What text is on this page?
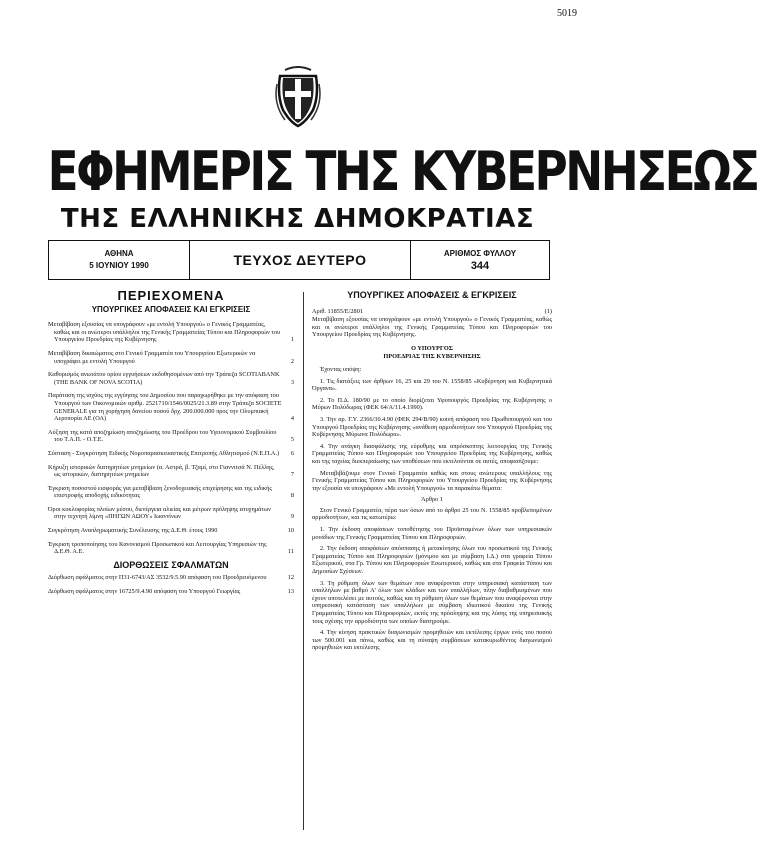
5019
ΕΦΗΜΕΡΙΣ ΤΗΣ ΚΥΒΕΡΝΗΣΕΩΣ
ΤΗΣ ΕΛΛΗΝΙΚΗΣ ΔΗΜΟΚΡΑΤΙΑΣ
ΑΘΗΝΑ
5 ΙΟΥΝΙΟΥ 1990	ΤΕΥΧΟΣ ΔΕΥΤΕΡΟ	ΑΡΙΘΜΟΣ ΦΥΛΛΟΥ
344
ΠΕΡΙΕΧΟΜΕΝΑ
ΥΠΟΥΡΓΙΚΕΣ ΑΠΟΦΑΣΕΙΣ ΚΑΙ ΕΓΚΡΙΣΕΙΣ
Μεταβίβαση εξουσίας να υπογράφουν «με εντολή Υπουργού» ο Γενικός Γραμματέας, καθώς και οι ανώτεροι υπάλληλοι της Γενικής Γραμματείας Τύπου και Πληροφοριών του Υπουργείου Προεδρίας της Κυβέρνησης	1
Μεταβίβαση δικαιώματος στο Γενικό Γραμματέα του Υπουργείου Εξωτερικών να υπογράφει με εντολή Υπουργού	2
Καθορισμός ανωτάτου ορίου εγγυήσεων εκδοθησομένων από την Τράπεζα SCOTIABANK (THE BANK OF NOVA SCOTIA)	3
Παράταση της ισχύος της εγγύησης του Δημοσίου που παραχωρήθηκε με την απόφαση του Υπουργού των Οικονομικών αριθμ. 2521710/1546/0025/21.3.89 στην Τράπεζα SOCIETE GENERALE για τη χορήγηση δανείου ποσού δρχ. 200.000.000 προς την Ολυμπιακή Αεροπορία ΑΕ (ΟΑ)	4
Αύξηση της κατά αποζημίωση αποζημίωσης του Προέδρου του Υγειονομικού Συμβουλίου του Τ.Α.Π. - Ο.Τ.Ε.	5
Σύσταση - Συγκρότηση Ειδικής Νομοπαρασκευαστικής Επιτροπής Αθλητισμού (Ν.Ε.Π.Α.)	6
Κήρυξη ιστορικών διατηρητέων μνημείων (α. Αστρά, β. Τζαμί, στο Γιαννιτσά Ν. Πέλλης, ως ιστορικών, διατηρητέων μνημείων	7
Έγκριση ποσοστού εισφοράς για μεταβίβαση ξενοδοχειακής επιχείρησης και της ειδικής επιστροφής αποδοχής ειδικότητας	8
Όροι κυκλοφορίας πλοίων μέσου, διενέργεια αλιείας και μέτρων πρόληψης ατυχημάτων στην τεχνητή λίμνη «ΠΗΓΩΝ ΑΩΟΥ» Ιωαννίνων	9
Συγκρότηση Αναπληρωματικής Συνέλευσης της Δ.Ε.Θ. έτους 1990	10
Έγκριση τροποποίησης του Κανονισμού Προσωπικού και Λειτουργίας Υπηρεσιών της Δ.Ε.Θ. Α.Ε.	11
ΔΙΟΡΘΩΣΕΙΣ ΣΦΑΛΜΑΤΩΝ
Διόρθωση σφάλματος στην Π31-6743/ΑΣ 3532/9.5.90 απόφαση του Προεδρευόμενου	12
Διόρθωση σφάλματος στην 16725/9.4.90 απόφαση του Υπουργού Γεωργίας	13
ΥΠΟΥΡΓΙΚΕΣ ΑΠΟΦΑΣΕΙΣ & ΕΓΚΡΙΣΕΙΣ
Αριθ. 11855/Ε/2801	(1)

Μεταβίβαση εξουσίας να υπογράφουν «με εντολή Υπουργού» ο Γενικός Γραμματέας, καθώς και οι ανώτεροι υπάλληλοι της Γενικής Γραμματείας Τύπου και Πληροφοριών του Υπουργείου Προεδρίας της Κυβέρνησης.

Ο ΥΠΟΥΡΓΟΣ
ΠΡΟΕΔΡΙΑΣ ΤΗΣ ΚΥΒΕΡΝΗΣΗΣ

Έχοντας υπόψη:

1. Τις διατάξεις των άρθρων 16, 25 και 29 του Ν. 1558/85 «Κυβέρνηση και Κυβερνητικά Όργανα».

2. Το Π.Δ. 180/90 με το οποίο διορίζεται Υφυπουργός Προεδρίας της Κυβέρνησης ο Μύρων Πολύδωρας (ΦΕΚ 64/Α/11.4.1990).

3. Την αρ. Γ.Υ. 2366/30.4.90 (ΦΕΚ 294/Β/90) κοινή απόφαση του Πρωθυπουργού και του Υπουργού Προεδρίας της Κυβέρνησης «ανάθεση αρμοδιοτήτων του Υπουργού Προεδρίας της Κυβέρνησης Μύρωνα Πολύδωρα».

4. Την ανάγκη διασφάλισης της εύρυθμης και απρόσκοπτης λειτουργίας της Γενικής Γραμματείας Τύπου και Πληροφοριών του Υπουργείου Προεδρίας της Κυβέρνησης, καθώς και της ταχείας διεκπεραίωσης των υποθέσεων που εκτελούνται σε αυτές, αποφασίζουμε:

Μεταβιβάζουμε στον Γενικό Γραμματέα καθώς και στους ανώτερους υπαλλήλους της Γενικής Γραμματείας Τύπου και Πληροφοριών του Υπουργείου Προεδρίας της Κυβέρνησης την εξουσία να υπογράφουν «Με εντολή Υπουργού» τα παρακάτω θέματα:

Άρθρο 1

Στον Γενικό Γραμματέα, πέρα των όσων από το άρθρο 25 του Ν. 1558/85 προβλεπομένων αρμοδιοτήτων, και τις κατωτέρω:

1. Την έκδοση αποφάσεων τοποθέτησης του Προϊσταμένων όλων των υπηρεσιακών μονάδων της Γενικής Γραμματείας Τύπου και Πληροφοριών.

2. Την έκδοση αποφάσεων απόσπασης ή μετακίνησης όλων του προσωπικού της Γενικής Γραμματείας Τύπου και Πληροφοριών (μόνιμου και με σύμβαση Ι.Δ.) στα γραφεία Τύπου Εξωτερικού, στα Γρ. Τύπου και Πληροφοριών Εσωτερικού, καθώς και στα Γραφεία Τύπου και Δημοσίων Σχέσεων.

3. Τη ρύθμιση όλων των θεμάτων που αναφέρονται στην υπηρεσιακή κατάσταση των υπαλλήλων με βαθμό Α' όλων των κλάδων και των υπαλλήλων, πλην διαβαθμισμένων που έχουν αποτελέσει με αυτούς, καθώς και τη ρύθμιση όλων των θεμάτων που αναφέρονται στην υπηρεσιακή κατάσταση των υπαλλήλων με σύμβαση ιδιωτικού δικαίου της Γενικής Γραμματείας Τύπου και Πληροφοριών, εκτός της πρόσληψης και της λύσης της υπηρεσιακής τους σχέσης την αρμοδιότητα των οποίων διατηρούμε.

4. Την κίνηση πρακτικών διαγωνισμών προμηθειών και εκτέλεσης έργων ενός του ποσού των 500.001 και πάνω, καθώς και τη σύναψη συμβάσεων κατακυρωθέντος διαγωνισμού προμηθειών και εκτέλεσης
